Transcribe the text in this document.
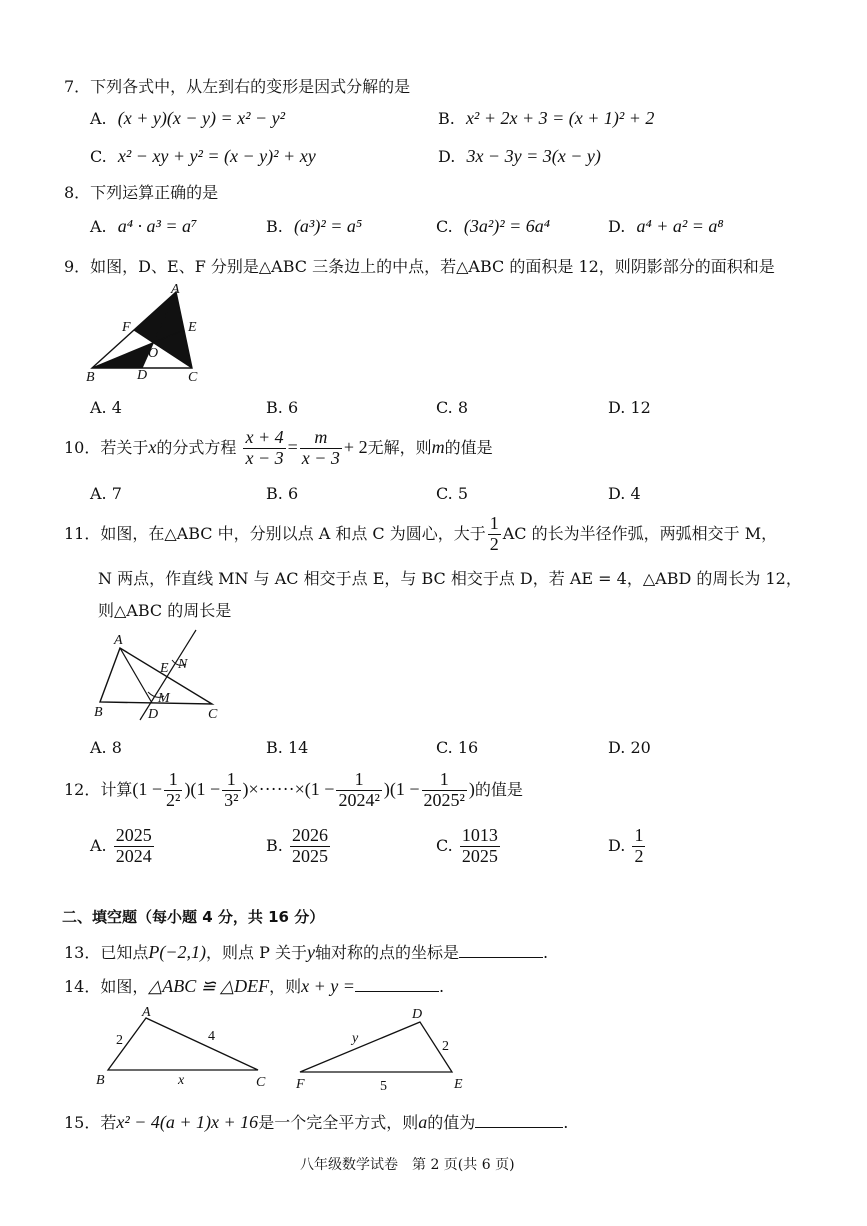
7．下列各式中，从左到右的变形是因式分解的是
A. (x + y)(x − y) = x² − y²	B. x² + 2x + 3 = (x + 1)² + 2
C. x² − xy + y² = (x − y)² + xy	D. 3x − 3y = 3(x − y)
8．下列运算正确的是
A. a⁴ · a³ = a⁷	B. (a³)² = a⁵	C. (3a²)² = 6a⁴	D. a⁴ + a² = a⁸
9．如图，D、E、F 分别是△ABC 三条边上的中点，若△ABC 的面积是 12，则阴影部分的面积和是
A
B	C
D
E
F
O
A. 4	B. 6	C. 8	D. 12
10．若关于x的分式方程 $\frac{x + 4}{x - 3} = \frac{m}{x - 3} + 2$无解，则m的值是
A. 7	B. 6	C. 5	D. 4
11．如图，在△ABC 中，分别以点 A 和点 C 为圆心，大于 $\frac{1}{2}$ AC 的长为半径作弧，两弧相交于 M，
N 两点，作直线 MN 与 AC 相交于点 E，与 BC 相交于点 D，若 AE = 4，△ABD 的周长为 12，
则△ABC 的周长是
A
B	C
D
E
M
N
A. 8	B. 14	C. 16	D. 20
12．计算$(1 - \frac{1}{\text{2²}} )(1 - \frac{1}{\text{3²}} )\times\cdot\cdot\cdot\cdot\cdot\cdot\times(1 - \frac{1}{\text{2024²}} )(1 - \frac{1}{\text{2025²}}$ )的值是
A. $\frac{2025}{2024}$	B. $\frac{2026}{2025}$	C. $\frac{1013}{2025}$	D. $\frac{1}{2}$
二、填空题（每小题 4 分，共 16 分）
13．已知点P(−2,1)，则点 P 关于y轴对称的点的坐标是	.
14．如图，△ABC ≌ △DEF，则x + y =	.
A
B	C
2	4
x
D
F	E
y
2
5
15．若x² − 4(a + 1)x + 16是一个完全平方式，则a的值为	.
八年级数学试卷　第 2 页(共 6 页)
